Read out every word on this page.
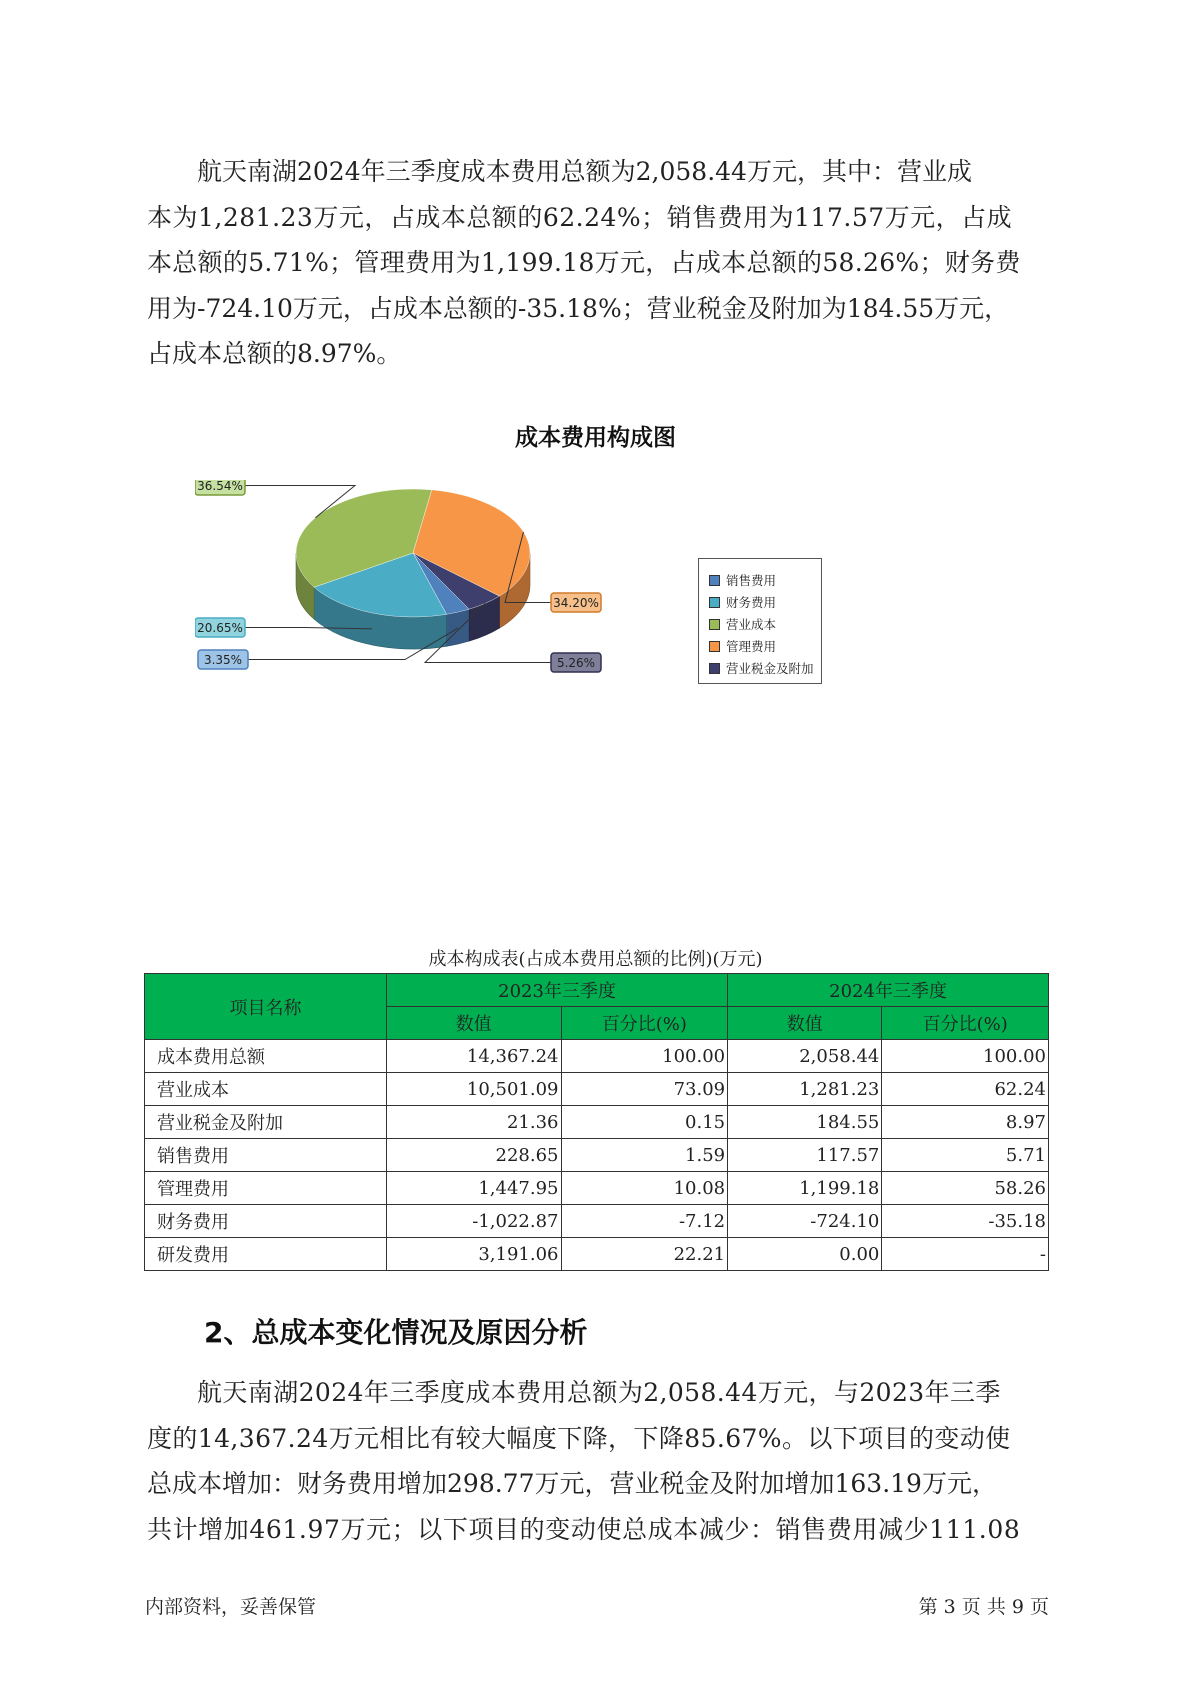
航天南湖2024年三季度成本费用总额为2,058.44万元，其中：营业成
本为1,281.23万元，占成本总额的62.24%；销售费用为117.57万元，占成
本总额的5.71%；管理费用为1,199.18万元，占成本总额的58.26%；财务费
用为-724.10万元，占成本总额的-35.18%；营业税金及附加为184.55万元，
占成本总额的8.97%。

成本费用构成图
3.35%
20.65%
36.54%
34.20%
5.26%
销售费用
财务费用
营业成本
管理费用
营业税金及附加
成本构成表(占成本费用总额的比例)(万元)
项目名称	2023年三季度		2024年三季度	
	数值	百分比(%)	数值	百分比(%)
成本费用总额	14,367.24	100.00	2,058.44	100.00
营业成本	10,501.09	73.09	1,281.23	62.24
营业税金及附加	21.36	0.15	184.55	8.97
销售费用	228.65	1.59	117.57	5.71
管理费用	1,447.95	10.08	1,199.18	58.26
财务费用	-1,022.87	-7.12	-724.10	-35.18
研发费用	3,191.06	22.21	0.00	-
2、总成本变化情况及原因分析

航天南湖2024年三季度成本费用总额为2,058.44万元，与2023年三季
度的14,367.24万元相比有较大幅度下降，下降85.67%。以下项目的变动使
总成本增加：财务费用增加298.77万元，营业税金及附加增加163.19万元，
共计增加461.97万元；以下项目的变动使总成本减少：销售费用减少111.08

内部资料，妥善保管	第 3 页 共 9 页
